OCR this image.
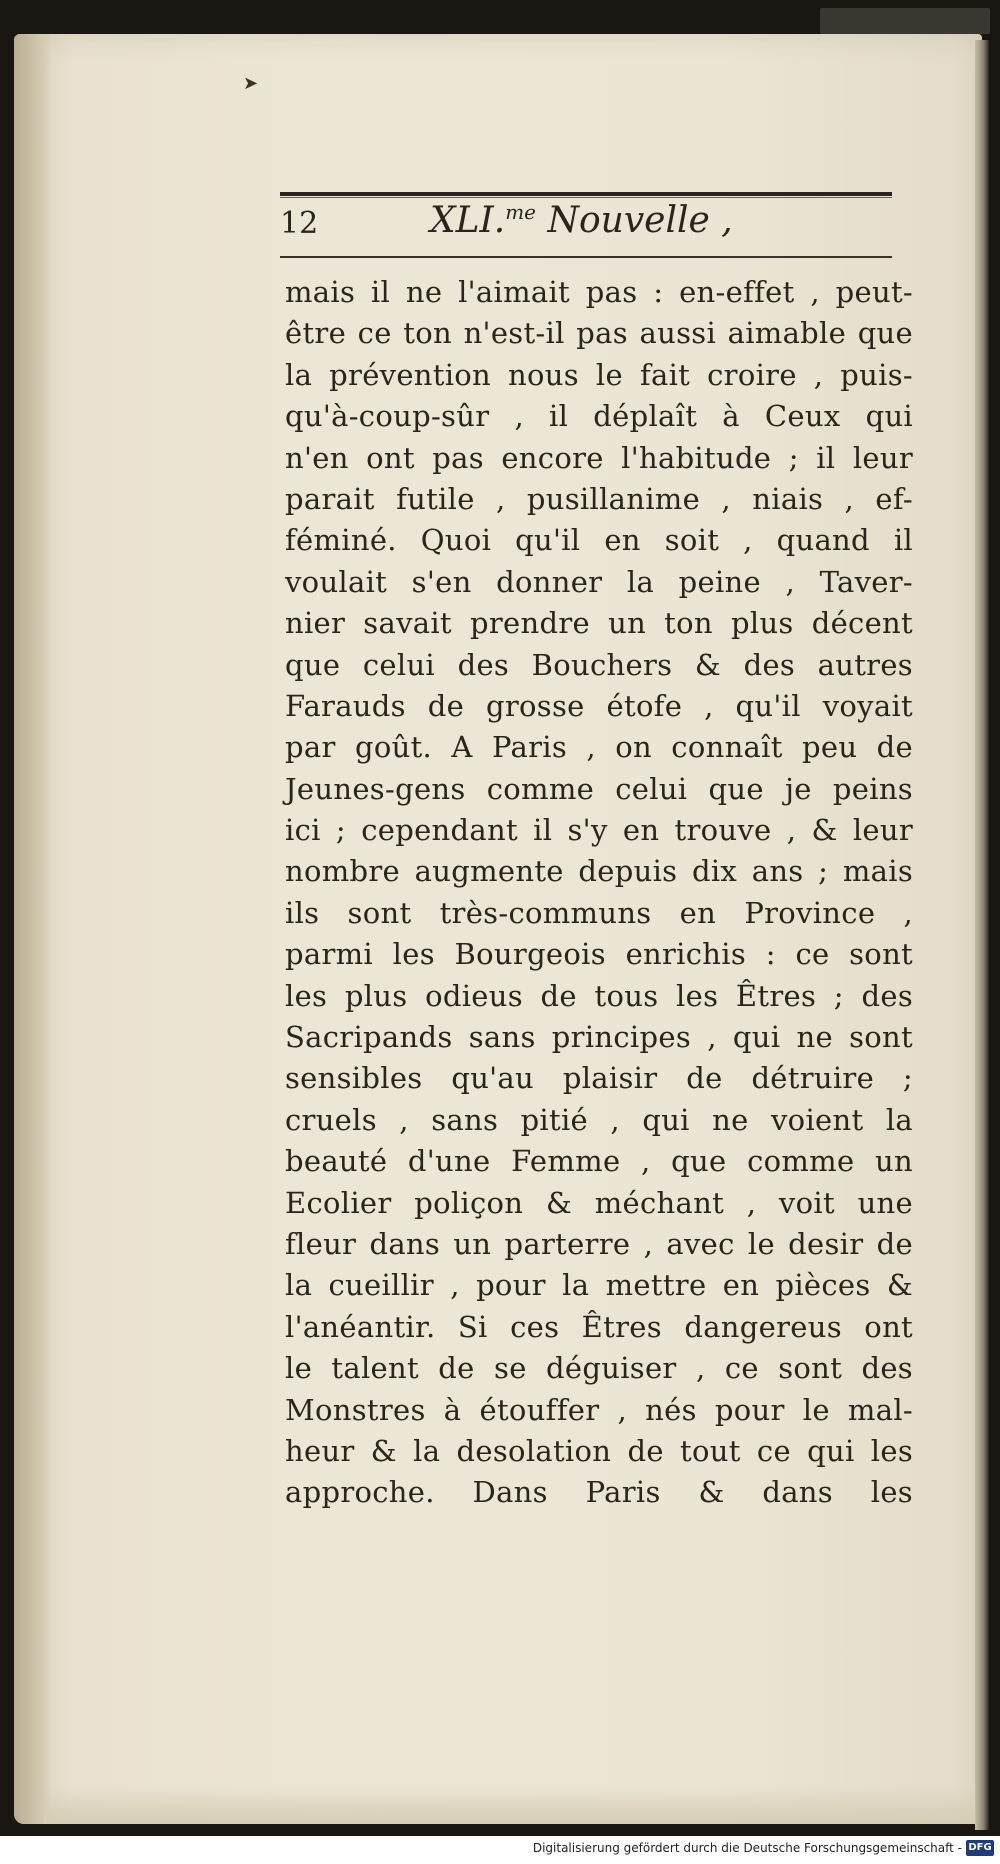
➤
12	XLI.$^{me}$ Nouvelle ,
mais il ne l'aimait pas : en-effet , peut-
être ce ton n'est-il pas aussi aimable que
la prévention nous le fait croire , puis-
qu'à-coup-sûr , il déplaît à Ceux qui
n'en ont pas encore l'habitude ; il leur
parait futile , pusillanime , niais , ef-
féminé. Quoi qu'il en soit , quand il
voulait s'en donner la peine , Taver-
nier savait prendre un ton plus décent
que celui des Bouchers & des autres
Farauds de grosse étofe , qu'il voyait
par goût. A Paris , on connaît peu de
Jeunes-gens comme celui que je peins
ici ; cependant il s'y en trouve , & leur
nombre augmente depuis dix ans ; mais
ils sont très-communs en Province ,
parmi les Bourgeois enrichis : ce sont
les plus odieus de tous les Êtres ; des
Sacripands sans principes , qui ne sont
sensibles qu'au plaisir de détruire ;
cruels , sans pitié , qui ne voient la
beauté d'une Femme , que comme un
Ecolier poliçon & méchant , voit une
fleur dans un parterre , avec le desir de
la cueillir , pour la mettre en pièces &
l'anéantir. Si ces Êtres dangereus ont
le talent de se déguiser , ce sont des
Monstres à étouffer , nés pour le mal-
heur & la desolation de tout ce qui les
approche. Dans Paris & dans les
Digitalisierung gefördert durch die Deutsche Forschungsgemeinschaft - DFG
